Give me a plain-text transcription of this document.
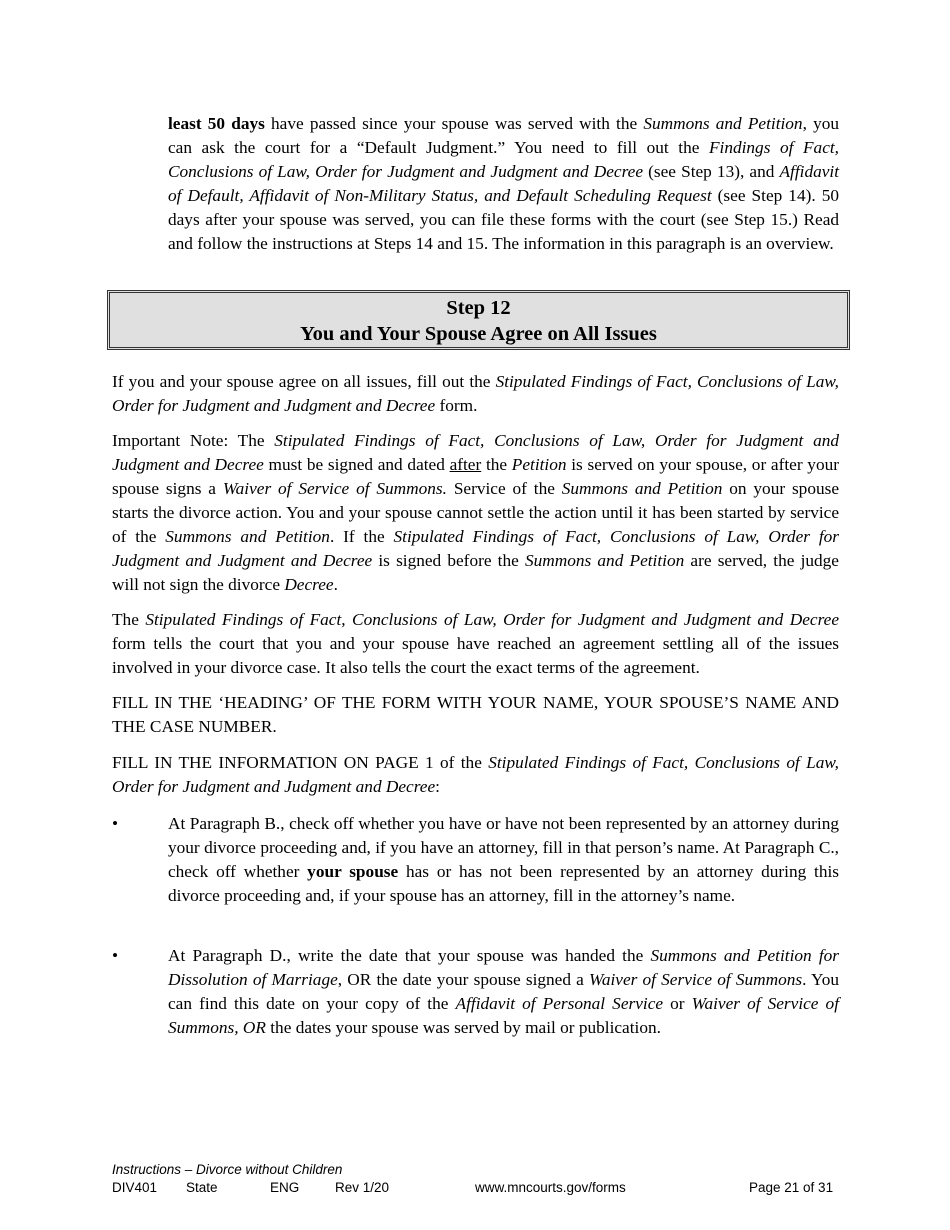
least 50 days have passed since your spouse was served with the Summons and Petition, you can ask the court for a “Default Judgment.” You need to fill out the Findings of Fact, Conclusions of Law, Order for Judgment and Judgment and Decree (see Step 13), and Affidavit of Default, Affidavit of Non-Military Status, and Default Scheduling Request (see Step 14). 50 days after your spouse was served, you can file these forms with the court (see Step 15.) Read and follow the instructions at Steps 14 and 15. The information in this paragraph is an overview.

Step 12
You and Your Spouse Agree on All Issues

If you and your spouse agree on all issues, fill out the Stipulated Findings of Fact, Conclusions of Law, Order for Judgment and Judgment and Decree form.

Important Note: The Stipulated Findings of Fact, Conclusions of Law, Order for Judgment and Judgment and Decree must be signed and dated after the Petition is served on your spouse, or after your spouse signs a Waiver of Service of Summons. Service of the Summons and Petition on your spouse starts the divorce action. You and your spouse cannot settle the action until it has been started by service of the Summons and Petition. If the Stipulated Findings of Fact, Conclusions of Law, Order for Judgment and Judgment and Decree is signed before the Summons and Petition are served, the judge will not sign the divorce Decree.

The Stipulated Findings of Fact, Conclusions of Law, Order for Judgment and Judgment and Decree form tells the court that you and your spouse have reached an agreement settling all of the issues involved in your divorce case. It also tells the court the exact terms of the agreement.

FILL IN THE ‘HEADING’ OF THE FORM WITH YOUR NAME, YOUR SPOUSE’S NAME AND THE CASE NUMBER.

FILL IN THE INFORMATION ON PAGE 1 of the Stipulated Findings of Fact, Conclusions of Law, Order for Judgment and Judgment and Decree:

•	At Paragraph B., check off whether you have or have not been represented by an attorney during your divorce proceeding and, if you have an attorney, fill in that person’s name. At Paragraph C., check off whether your spouse has or has not been represented by an attorney during this divorce proceeding and, if your spouse has an attorney, fill in the attorney’s name.

•	At Paragraph D., write the date that your spouse was handed the Summons and Petition for Dissolution of Marriage, OR the date your spouse signed a Waiver of Service of Summons. You can find this date on your copy of the Affidavit of Personal Service or Waiver of Service of Summons, OR the dates your spouse was served by mail or publication.

Instructions – Divorce without Children
DIV401 State	ENG	Rev 1/20	www.mncourts.gov/forms	Page 21 of 31
